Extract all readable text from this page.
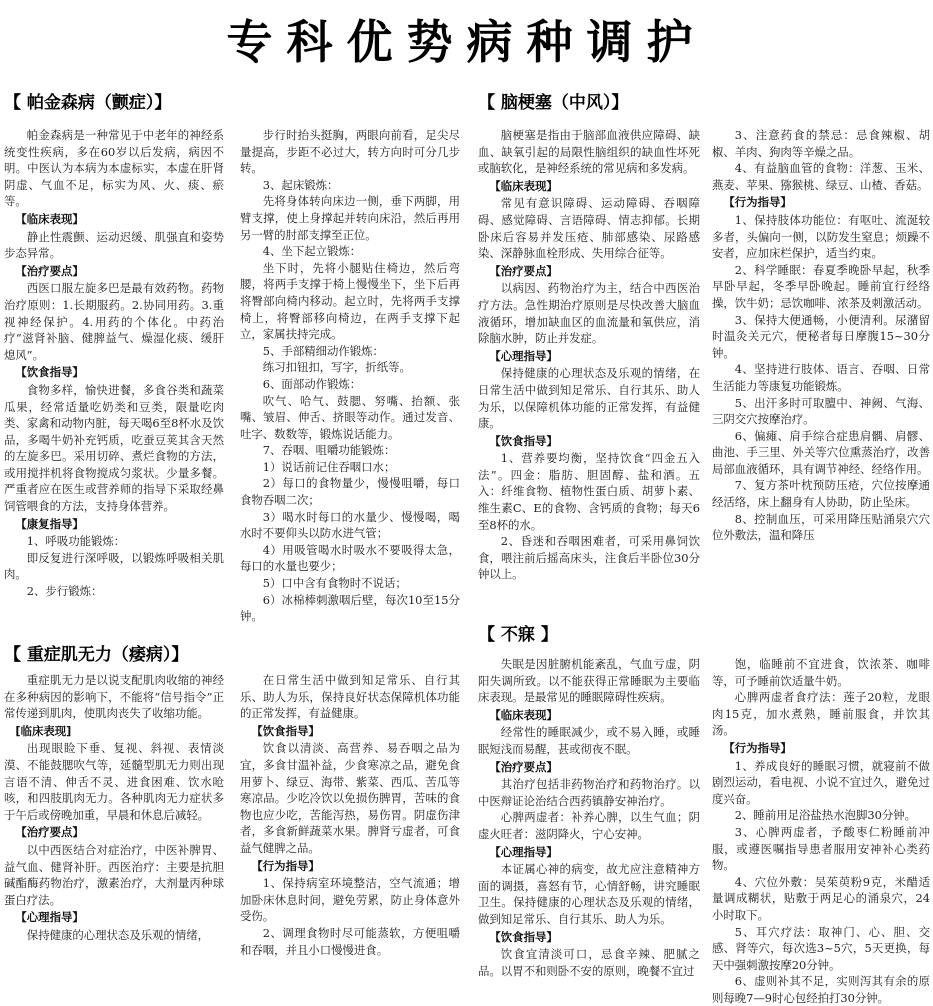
专科优势病种调护
【 帕金森病（颤症）】	【 脑梗塞（中风）】
【 重症肌无力（痿病）】
【 不寐 】

帕金森病是一种常见于中老年的神经系统变性疾病，多在60岁以后发病，病因不明。中医认为本病为本虚标实，本虚在肝肾阴虚、气血不足，标实为风、火、痰、瘀等。

【临床表现】

静止性震颤、运动迟缓、肌强直和姿势步态异常。

【治疗要点】

西医口服左旋多巴是最有效药物。药物治疗原则：1.长期服药。2.协同用药。3.重视神经保护。4.用药的个体化。中药治疗“滋肾补脑、健脾益气、燥湿化痰、缓肝熄风”。

【饮食指导】

食物多样，愉快进餐，多食谷类和蔬菜瓜果，经常适量吃奶类和豆类，限量吃肉类、家禽和动物内脏，每天喝6至8杯水及饮品，多喝牛奶补充钙质，吃蚕豆荚其含天然的左旋多巴。采用切碎、煮烂食物的方法，或用搅拌机将食物搅成匀浆状。少量多餐。严重者应在医生或营养师的指导下采取经鼻饲管喂食的方法，支持身体营养。

【康复指导】

1、呼吸功能锻炼：

即反复进行深呼吸，以锻炼呼吸相关肌肉。

2、步行锻炼：

步行时抬头挺胸，两眼向前看，足尖尽量提高，步距不必过大，转方向时可分几步转。

3、起床锻炼：

先将身体转向床边一侧，垂下两脚，用臂支撑，使上身撑起并转向床沿，然后再用另一臂的肘部支撑至正位。

4、坐下起立锻炼：

坐下时，先将小腿贴住椅边，然后弯腰，将两手支撑于椅上慢慢坐下，坐下后再将臀部向椅内移动。起立时，先将两手支撑椅上，将臀部移向椅边，在两手支撑下起立，家属扶持完成。

5、手部精细动作锻炼：

练习扣钮扣，写字，折纸等。

6、面部动作锻炼：

吹气、哈气、鼓腮、努嘴、抬额、张嘴、皱眉、伸舌、挤眼等动作。通过发音、吐字、数数等，锻炼说话能力。

7、吞咽、咀嚼功能锻炼：

1）说话前记住吞咽口水；

2）每口的食物量少，慢慢咀嚼，每口食物吞咽二次；

3）喝水时每口的水量少、慢慢喝，喝水时不要仰头以防水进气管；

4）用吸管喝水时吸水不要吸得太急，每口的水量也要少；

5）口中含有食物时不说话；

6）冰棉棒刺激咽后壁，每次10至15分钟。

脑梗塞是指由于脑部血液供应障碍、缺血、缺氧引起的局限性脑组织的缺血性坏死或脑软化，是神经系统的常见病和多发病。

【临床表现】

常见有意识障碍、运动障碍、吞咽障碍、感觉障碍、言语障碍、情志抑郁。长期卧床后容易并发压疮、肺部感染、尿路感染、深静脉血栓形成、失用综合征等。

【治疗要点】

以病因、药物治疗为主，结合中西医治疗方法。急性期治疗原则是尽快改善大脑血液循环，增加缺血区的血流量和氧供应，消除脑水肿，防止并发症。

【心理指导】

保持健康的心理状态及乐观的情绪，在日常生活中做到知足常乐、自行其乐、助人为乐，以保障机体功能的正常发挥，有益健康。

【饮食指导】

1、营养要均衡，坚持饮食“四金五入法”。四金：脂肪、胆固醇、盐和酒。五入：纤维食物、植物性蛋白质、胡萝卜素、维生素C、E的食物、含钙质的食物；每天6至8杯的水。

2、昏迷和吞咽困难者，可采用鼻饲饮食，喂注前后摇高床头，注食后半卧位30分钟以上。

3、注意药食的禁忌：忌食辣椒、胡椒、羊肉、狗肉等辛燥之品。

4、有益脑血管的食物：洋葱、玉米、燕麦、苹果、猕猴桃、绿豆、山楂、香菇。

【行为指导】

1、保持肢体功能位：有呕吐、流涎较多者，头偏向一侧，以防发生窒息；烦躁不安者，应加床栏保护，适当约束。

2、科学睡眠：春夏季晚卧早起，秋季早卧早起，冬季早卧晚起。睡前宜行经络操，饮牛奶；忌饮咖啡、浓茶及刺激活动。

3、保持大便通畅，小便清利。尿潴留时温灸关元穴，便秘者每日摩腹15~30分钟。

4、坚持进行肢体、语言、吞咽、日常生活能力等康复功能锻炼。

5、出汗多时可取膻中、神阙、气海、三阴交穴按摩治疗。

6、偏瘫、肩手综合症患肩髃、肩髎、曲池、手三里、外关等穴位熏蒸治疗，改善局部血液循环，具有调节神经、经络作用。

7、复方茶叶枕预防压疮，穴位按摩通经活络，床上翻身有人协助，防止坠床。

8、控制血压，可采用降压贴涌泉穴穴位外敷法，温和降压

重症肌无力是以说支配肌肉收缩的神经在多种病因的影响下，不能将“信号指令”正常传递到肌肉，使肌肉丧失了收缩功能。

[临床表现]

出现眼睑下垂、复视、斜视、表情淡漠、不能鼓腮吹气等，延髓型肌无力则出现言语不清、伸舌不灵、进食困难、饮水呛咳，和四肢肌肉无力。各种肌肉无力症状多于午后或傍晚加重，早晨和休息后减轻。

【治疗要点】

以中西医结合对症治疗，中医补脾胃、益气血、健肾补肝。西医治疗：主要是抗胆碱酯酶药物治疗，激素治疗，大剂量丙种球蛋白疗法。

【心理指导】

保持健康的心理状态及乐观的情绪，

在日常生活中做到知足常乐、自行其乐、助人为乐，保持良好状态保障机体功能的正常发挥，有益健康。

【饮食指导】

饮食以清淡、高营养、易吞咽之品为宜，多食甘温补益，少食寒凉之品，避免食用萝卜、绿豆、海带、紫菜、西瓜、苦瓜等寒凉品。少吃冷饮以免损伤脾胃，苦味的食物也应少吃，苦能泻热，易伤胃。阴虚伤津者，多食新鲜蔬菜水果。脾肾亏虚者，可食益气健脾之品。

【行为指导】

1、保持病室环境整洁，空气流通；增加卧床休息时间，避免劳累，防止身体意外受伤。

2、调理食物时尽可能蒸软，方便咀嚼和吞咽，并且小口慢慢进食。

失眠是因脏腑机能紊乱，气血亏虚，阴阳失调所致。以不能获得正常睡眠为主要临床表现。是最常见的睡眠障碍性疾病。

【临床表现】

经常性的睡眠减少，或不易入睡，或睡眠短浅而易醒，甚或彻夜不眠。

【治疗要点】

其治疗包括非药物治疗和药物治疗。以中医辩证论治结合西药镇静安神治疗。

心脾两虚者：补养心脾，以生气血；阴虚火旺者：滋阴降火，宁心安神。

【心理指导】

本证属心神的病变，故尤应注意精神方面的调摄，喜怒有节，心情舒畅，讲究睡眠卫生。保持健康的心理状态及乐观的情绪，做到知足常乐、自行其乐、助人为乐。

【饮食指导】

饮食宜清淡可口，忌食辛辣、肥腻之品。以胃不和则卧不安的原则，晚餐不宜过

饱，临睡前不宜进食，饮浓茶、咖啡等，可予睡前饮适量牛奶。

心脾两虚者食疗法：莲子20粒，龙眼肉15克，加水煮熟，睡前服食，并饮其汤。

【行为指导】

1、养成良好的睡眠习惯，就寝前不做剧烈运动，看电视、小说不宜过久，避免过度兴奋。

2、睡前用足浴盐热水泡脚30分钟。

3、心脾两虚者，予酸枣仁粉睡前冲服，或遵医嘱指导患者服用安神补心类药物。

4、穴位外敷：吴茱萸粉9克，米醋适量调成糊状，贴敷于两足心的涌泉穴，24小时取下。

5、耳穴疗法：取神门、心、胆、交感、肾等穴，每次选3~5穴，5天更换，每天中强刺激按摩20分钟。

6、虚则补其不足，实则泻其有余的原则每晚7—9时心包经拍打30分钟。
